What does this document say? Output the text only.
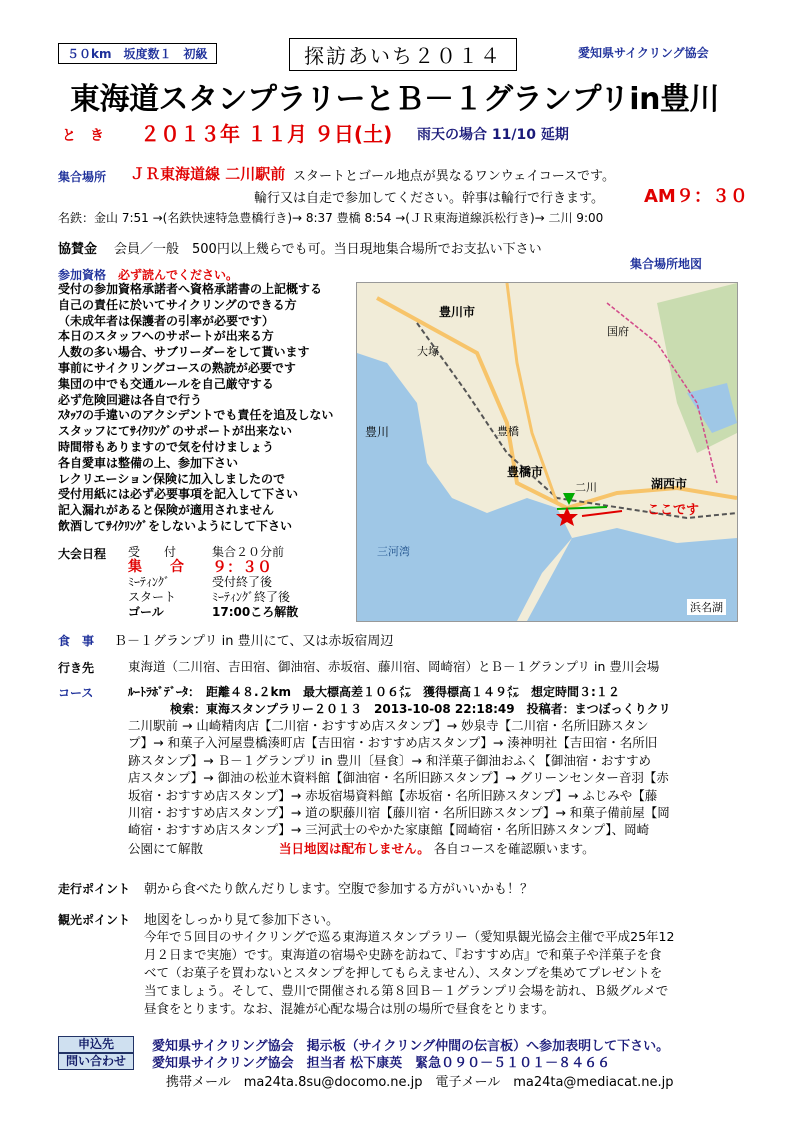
５０km　坂度数１　初級	探訪あいち２０１４	愛知県サイクリング協会
東海道スタンプラリーとＢ－１グランプリin豊川
と　き ２０１３年 １１月 ９日(土) 雨天の場合 11/10 延期
集合場所 ＪＲ東海道線 二川駅前 スタートとゴール地点が異なるワンウェイコースです。
輪行又は自走で参加してください。幹事は輪行で行きます。 AM９：３０
名鉄：金山 7:51 →(名鉄快速特急豊橋行き)→ 8:37 豊橋 8:54 →(ＪＲ東海道線浜松行き)→ 二川 9:00
協賛金 会員／一般　500円以上幾らでも可。当日現地集合場所でお支払い下さい
集合場所地図
参加資格 必ず読んでください。
受付の参加資格承諾者へ資格承諾書の上記概する
自己の責任に於いてサイクリングのできる方
（未成年者は保護者の引率が必要です）
本日のスタッフへのサポートが出来る方
人数の多い場合、サブリーダーをして貰います
事前にサイクリングコースの熟読が必要です
集団の中でも交通ルールを自己厳守する
必ず危険回避は各自で行う
ｽﾀｯﾌの手違いのアクシデントでも責任を追及しない
スタッフにてｻｲｸﾘﾝｸﾞのサポートが出来ない
時間帯もありますので気を付けましょう
各自愛車は整備の上、参加下さい
レクリエーション保険に加入しましたので
受付用紙には必ず必要事項を記入して下さい
記入漏れがあると保険が適用されません
飲酒してｻｲｸﾘﾝｸﾞをしないようにして下さい
豊川市
豊川
豊橋市
豊橋
湖西市
浜名湖
三河湾
大塚
国府
二川
ここです
大会日程 受　　付	集合２０分前
集　　合	９：３０
ﾐｰﾃｨﾝｸﾞ	受付終了後
スタート	ﾐｰﾃｨﾝｸﾞ終了後
ゴール	17:00ころ解散
食　事 Ｂ－１グランプリ in 豊川にて、又は赤坂宿周辺
行き先	東海道（二川宿、吉田宿、御油宿、赤坂宿、藤川宿、岡崎宿）とＢ－１グランプリ in 豊川会場
コース	ﾙｰﾄﾗﾎﾞﾃﾞｰﾀ：　距離４８.２km　最大標高差１０６㍍　獲得標高１４９㍍　想定時間３:１２
検索：東海スタンプラリー２０１３　2013-10-08 22:18:49　投稿者：まつぼっくりクリ
二川駅前 → 山崎精肉店【二川宿・おすすめ店スタンプ】→ 妙泉寺【二川宿・名所旧跡スタン
プ】→ 和菓子入河屋豊橋湊町店【吉田宿・おすすめ店スタンプ】→ 湊神明社【吉田宿・名所旧
跡スタンプ】→ Ｂ－１グランプリ in 豊川〔昼食〕→ 和洋菓子御油おふく【御油宿・おすすめ
店スタンプ】→ 御油の松並木資料館【御油宿・名所旧跡スタンプ】→ グリーンセンター音羽【赤
坂宿・おすすめ店スタンプ】→ 赤坂宿場資料館【赤坂宿・名所旧跡スタンプ】→ ふじみや【藤
川宿・おすすめ店スタンプ】→ 道の駅藤川宿【藤川宿・名所旧跡スタンプ】→ 和菓子備前屋【岡
崎宿・おすすめ店スタンプ】→ 三河武士のやかた家康館【岡崎宿・名所旧跡スタンプ】、岡崎
公園にて解散	当日地図は配布しません。 各自コースを確認願います。
走行ポイント 朝から食べたり飲んだりします。空腹で参加する方がいいかも！？
観光ポイント 地図をしっかり見て参加下さい。
今年で５回目のサイクリングで巡る東海道スタンプラリー（愛知県観光協会主催で平成25年12
月２日まで実施）です。東海道の宿場や史跡を訪ねて、『おすすめ店』で和菓子や洋菓子を食
べて（お菓子を買わないとスタンプを押してもらえません）、スタンプを集めてプレゼントを
当てましょう。そして、豊川で開催される第８回Ｂ－１グランプリ会場を訪れ、Ｂ級グルメで
昼食をとります。なお、混雑が心配な場合は別の場所で昼食をとります。
申込先	愛知県サイクリング協会　掲示板（サイクリング仲間の伝言板）へ参加表明して下さい。
問い合わせ	愛知県サイクリング協会　担当者 松下康英　緊急０９０－５１０１－８４６６
携帯メール　ma24ta.8su@docomo.ne.jp　電子メール　ma24ta@mediacat.ne.jp
